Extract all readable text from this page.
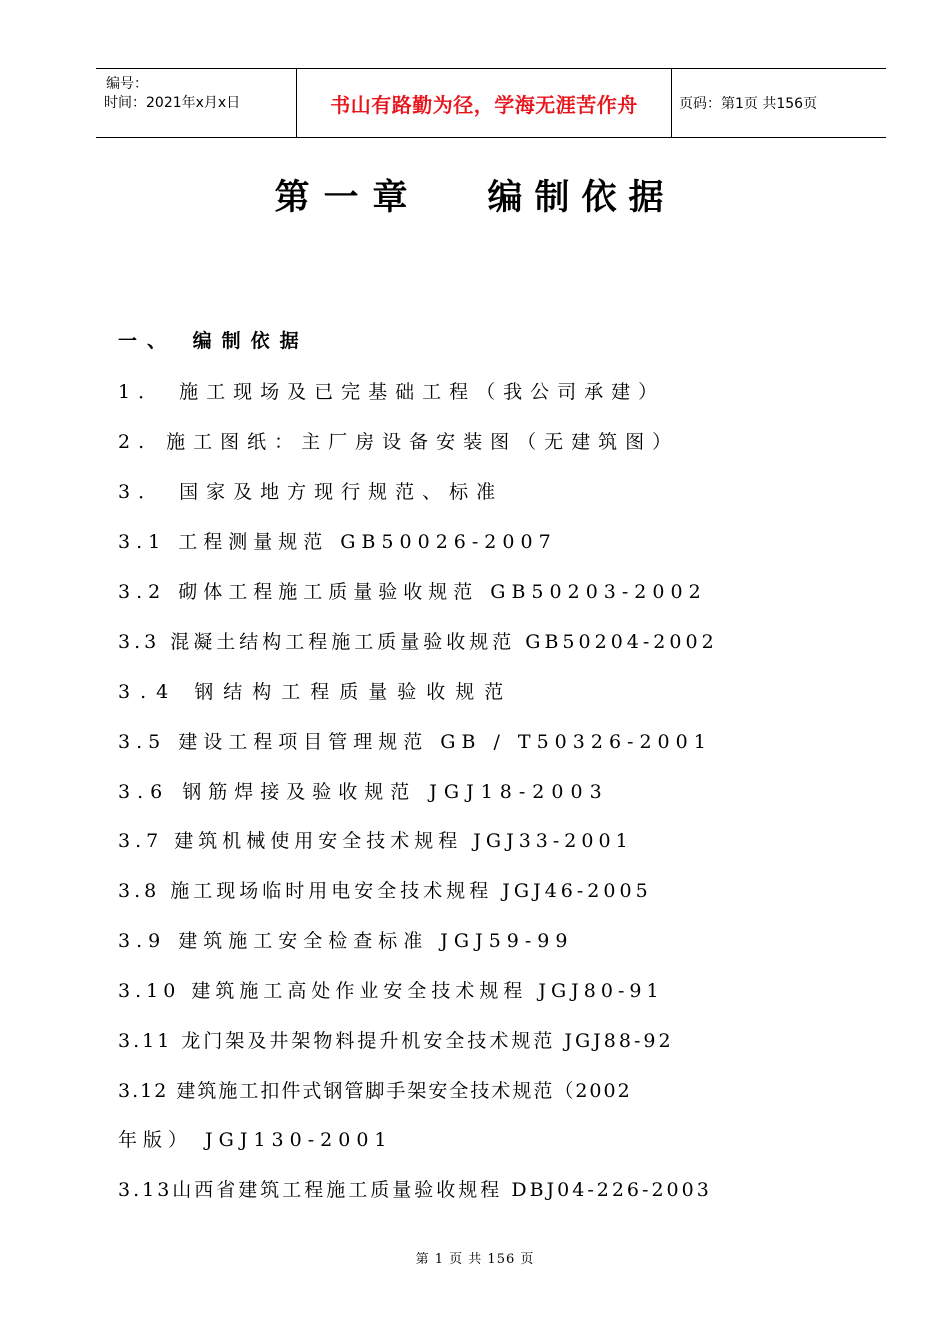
编号：
时间：2021年x月x日	书山有路勤为径，学海无涯苦作舟	页码：第1页 共156页
第一章 编制依据
一、 编制依据
1． 施工现场及已完基础工程（我公司承建）
2. 施工图纸：主厂房设备安装图（无建筑图）
3． 国家及地方现行规范、标准
3.1 工程测量规范 GB50026-2007
3.2 砌体工程施工质量验收规范 GB50203-2002
3.3 混凝土结构工程施工质量验收规范 GB50204-2002
3.4 钢结构工程质量验收规范
3.5 建设工程项目管理规范 GB / T50326-2001
3.6 钢筋焊接及验收规范 JGJ18-2003
3.7 建筑机械使用安全技术规程 JGJ33-2001
3.8 施工现场临时用电安全技术规程 JGJ46-2005
3.9 建筑施工安全检查标准 JGJ59-99
3.10 建筑施工高处作业安全技术规程 JGJ80-91
3.11 龙门架及井架物料提升机安全技术规范 JGJ88-92
3.12 建筑施工扣件式钢管脚手架安全技术规范（2002
年版） JGJ130-2001
3.13山西省建筑工程施工质量验收规程 DBJ04-226-2003
第 1 页 共 156 页
